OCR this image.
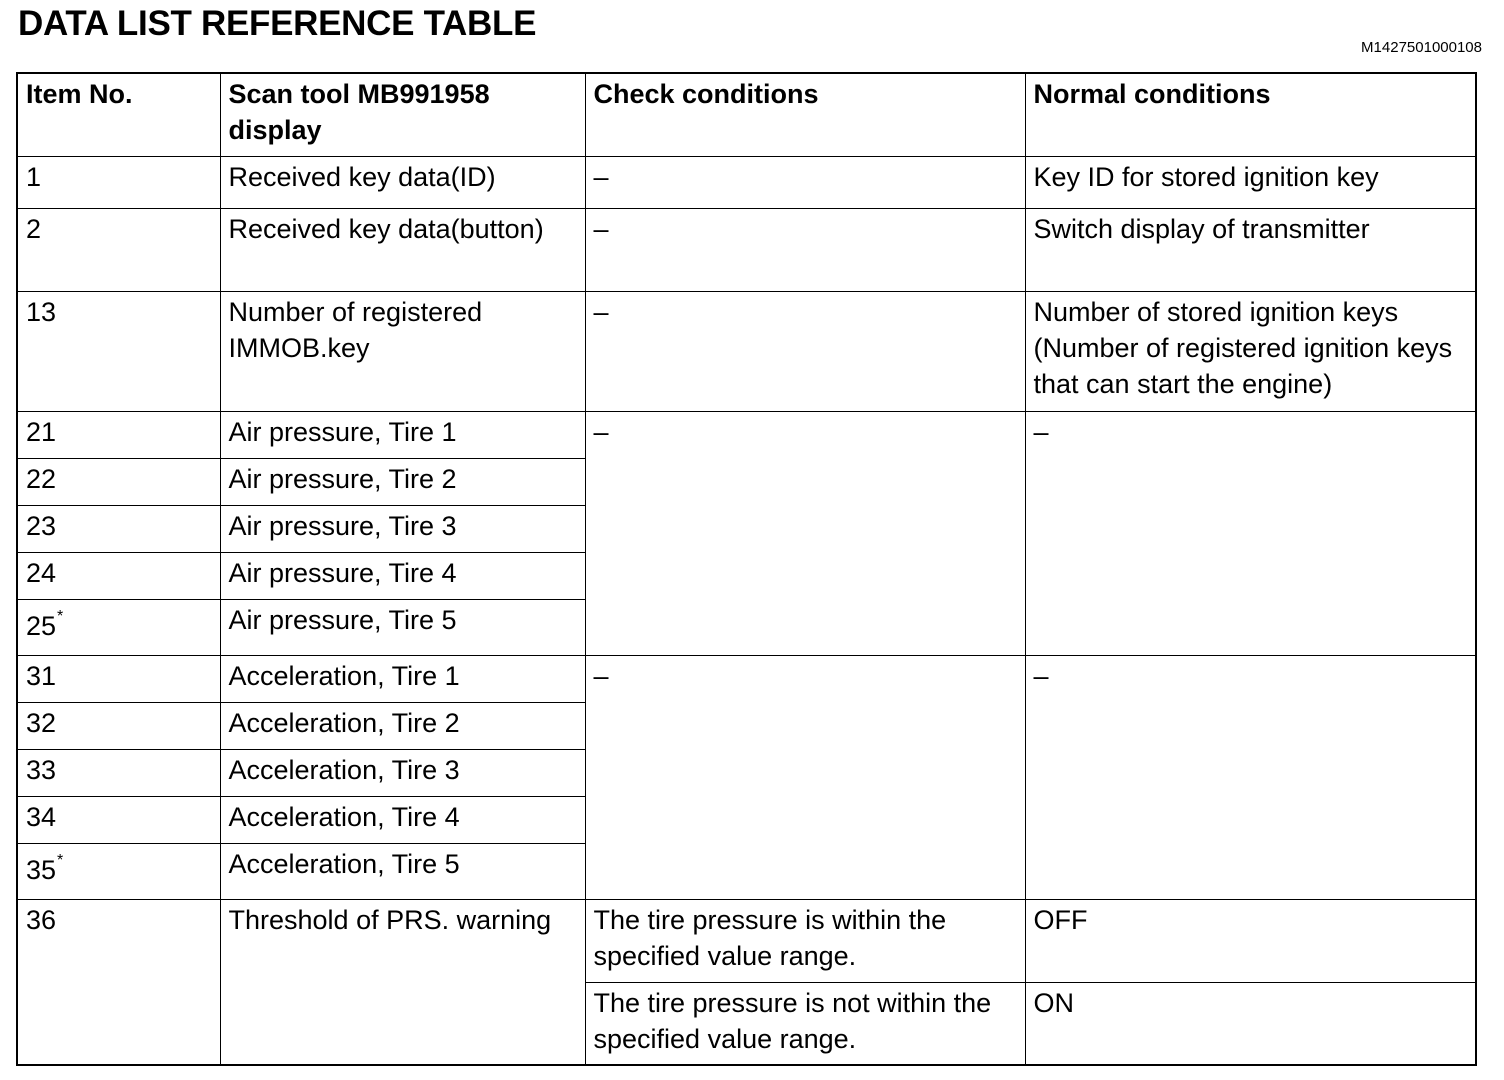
DATA LIST REFERENCE TABLE
M1427501000108
Item No.	Scan tool MB991958 display	Check conditions	Normal conditions
1	Received key data(ID)	–	Key ID for stored ignition key
2	Received key data(button)	–	Switch display of transmitter
13	Number of registered IMMOB.key	–	Number of stored ignition keys (Number of registered ignition keys that can start the engine)
21	Air pressure, Tire 1	–	–
22	Air pressure, Tire 2		
23	Air pressure, Tire 3		
24	Air pressure, Tire 4		
25*	Air pressure, Tire 5		
31	Acceleration, Tire 1	–	–
32	Acceleration, Tire 2		
33	Acceleration, Tire 3		
34	Acceleration, Tire 4		
35*	Acceleration, Tire 5		
36	Threshold of PRS. warning	The tire pressure is within the specified value range.	OFF
		The tire pressure is not within the specified value range.	ON
